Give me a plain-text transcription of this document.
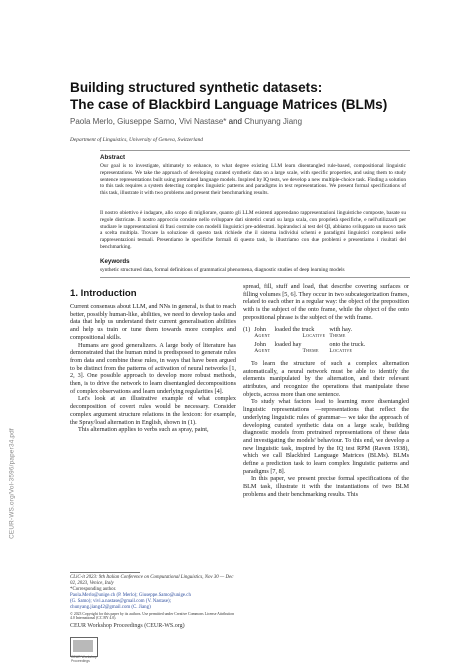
CEUR-WS.org/Vol-3596/paper34.pdf
Building structured synthetic datasets:
The case of Blackbird Language Matrices (BLMs)
Paola Merlo, Giuseppe Samo, Vivi Nastase* and Chunyang Jiang
Department of Linguistics, University of Geneva, Switzerland
Abstract
Our goal is to investigate, ultimately to enhance, to what degree existing LLM learn disentangled rule-based, compositional linguistic representations. We take the approach of developing curated synthetic data on a large scale, with specific properties, and using them to study sentence representations built using pretrained language models. Inspired by IQ tests, we develop a new multiple-choice task. Finding a solution to this task requires a system detecting complex linguistic patterns and paradigms in text representations. We present formal specifications of this task, illustrate it with two problems and present their benchmarking results.
Il nostro obiettivo è indagare, allo scopo di migliorare, quanto gli LLM esistenti apprendano rappresentazioni linguistiche composte, basate su regole districate. Il nostro approccio consiste nello sviluppare dati sintetici curati su larga scala, con proprietà specifiche, e nell'utilizzarli per studiare le rappresentazioni di frasi costruite con modelli linguistici pre-addestrati. Ispirandoci ai test del QI, abbiamo sviluppato un nuovo task a scelta multipla. Trovare la soluzione di questo task richiede che il sistema individui schemi e paradigmi linguistici complessi nelle rappresentazioni testuali. Presentiamo le specifiche formali di questo task, lo illustriamo con due problemi e presentiamo i risultati del benchmarking.
Keywords
synthetic structured data, formal definitions of grammatical phenomena, diagnostic studies of deep learning models
1. Introduction

Current consensus about LLM, and NNs in general, is that to reach better, possibly human-like, abilities, we need to develop tasks and data that help us understand their current generalisation abilities and help us train or tune them towards more complex and compositional skills.

Humans are good generalizers. A large body of literature has demonstrated that the human mind is predisposed to generate rules from data and combine these rules, in ways that have been argued to be distinct from the patterns of activation of neural networks [1, 2, 3]. One possible approach to develop more robust methods, then, is to drive the network to learn disentangled decompositions of complex observations and learn underlying regularities [4].

Let's look at an illustrative example of what complex decomposition of covert rules would be necessary. Consider complex argument structure relations in the lexicon: for example, the Spray/load alternation in English, shown in (1).

This alternation applies to verbs such as spray, paint,

spread, fill, stuff and load, that describe covering surfaces or filling volumes [5, 6]. They occur in two subcategorization frames, related to each other in a regular way: the object of the preposition with is the subject of the onto frame, while the object of the onto prepositional phrase is the subject of the with frame.

(1)	John	loaded the truck	with hay.
	Agent	Locative	Theme
	John	loaded hay	onto the truck.
	Agent	Theme	Locative

To learn the structure of such a complex alternation automatically, a neural network must be able to identify the elements manipulated by the alternation, and their relevant attributes, and recognize the operations that manipulate these objects, across more than one sentence.

To study what factors lead to learning more disentangled linguistic representations —representations that reflect the underlying linguistic rules of grammar— we take the approach of developing curated synthetic data on a large scale, building diagnostic models from pretrained representations of these data and investigating the models' behaviour. To this end, we develop a new linguistic task, inspired by the IQ test RPM (Raven 1938), which we call Blackbird Language Matrices (BLMs). BLMs define a prediction task to learn complex linguistic patterns and paradigms [7, 8].

In this paper, we present precise formal specifications of the BLM task, illustrate it with the instantiations of two BLM problems and their benchmarking results. This

CLiC-it 2023: 9th Italian Conference on Computational Linguistics, Nov 30 — Dec 02, 2023, Venice, Italy
*Corresponding author.
Paola.Merlo@unige.ch (P. Merlo); Giuseppe.Samo@unige.ch
(G. Samo); vivi.a.nastase@gmail.com (V. Nastase);
chunyang.jiang42@gmail.com (C. Jiang)
© 2023 Copyright for this paper by its authors. Use permitted under Creative Commons License Attribution 4.0 International (CC BY 4.0).
CEUR Workshop Proceedings (CEUR-WS.org)
CEUR Workshop Proceedings
